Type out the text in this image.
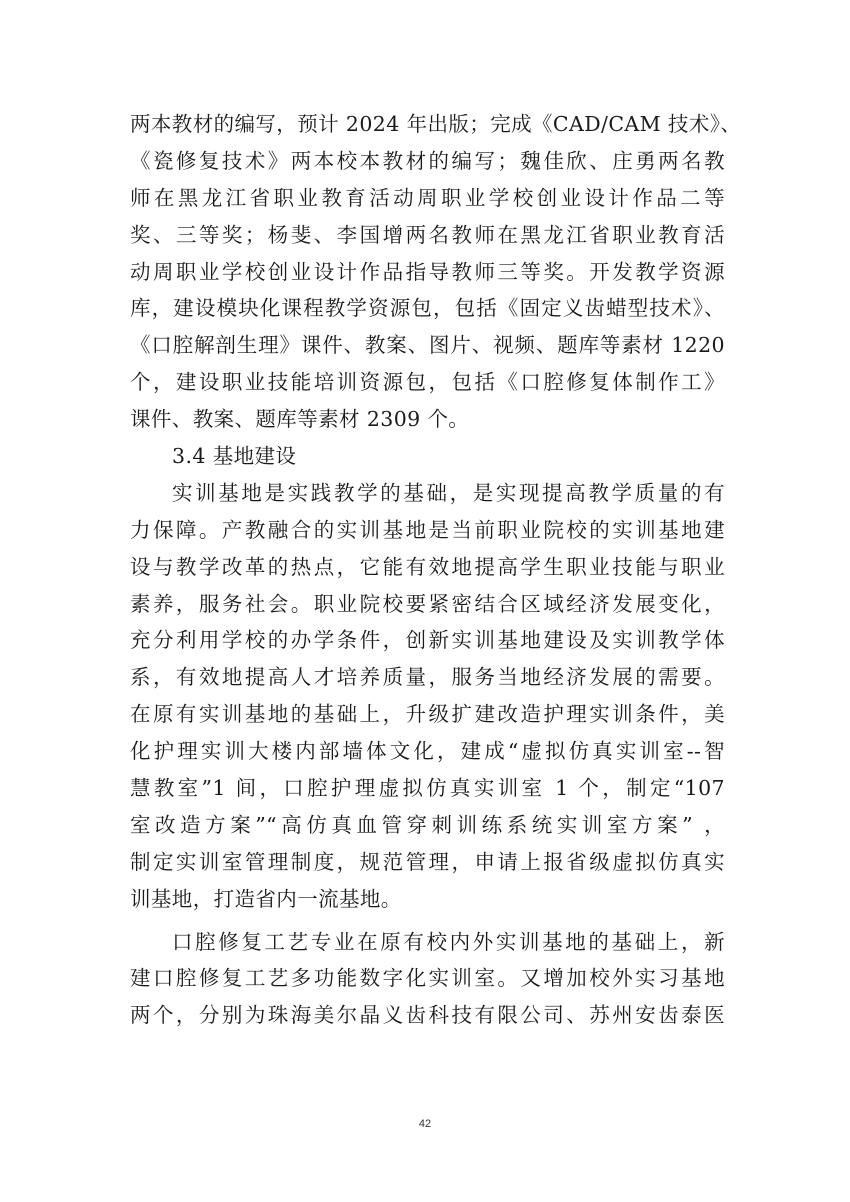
两本教材的编写，预计 2024 年出版；完成《CAD/CAM 技术》、
《瓷修复技术》两本校本教材的编写；魏佳欣、庄勇两名教
师在黑龙江省职业教育活动周职业学校创业设计作品二等
奖、三等奖；杨斐、李国增两名教师在黑龙江省职业教育活
动周职业学校创业设计作品指导教师三等奖。开发教学资源
库，建设模块化课程教学资源包，包括《固定义齿蜡型技术》、
《口腔解剖生理》课件、教案、图片、视频、题库等素材 1220
个，建设职业技能培训资源包，包括《口腔修复体制作工》
课件、教案、题库等素材 2309 个。
3.4 基地建设
实训基地是实践教学的基础，是实现提高教学质量的有
力保障。产教融合的实训基地是当前职业院校的实训基地建
设与教学改革的热点，它能有效地提高学生职业技能与职业
素养，服务社会。职业院校要紧密结合区域经济发展变化，
充分利用学校的办学条件，创新实训基地建设及实训教学体
系，有效地提高人才培养质量，服务当地经济发展的需要。
在原有实训基地的基础上，升级扩建改造护理实训条件，美
化护理实训大楼内部墙体文化，建成“虚拟仿真实训室--智
慧教室”1 间，口腔护理虚拟仿真实训室 1 个，制定“107
室改造方案”“高仿真血管穿刺训练系统实训室方案” ，
制定实训室管理制度，规范管理，申请上报省级虚拟仿真实
训基地，打造省内一流基地。
口腔修复工艺专业在原有校内外实训基地的基础上，新
建口腔修复工艺多功能数字化实训室。又增加校外实习基地
两个，分别为珠海美尔晶义齿科技有限公司、苏州安齿泰医
42
